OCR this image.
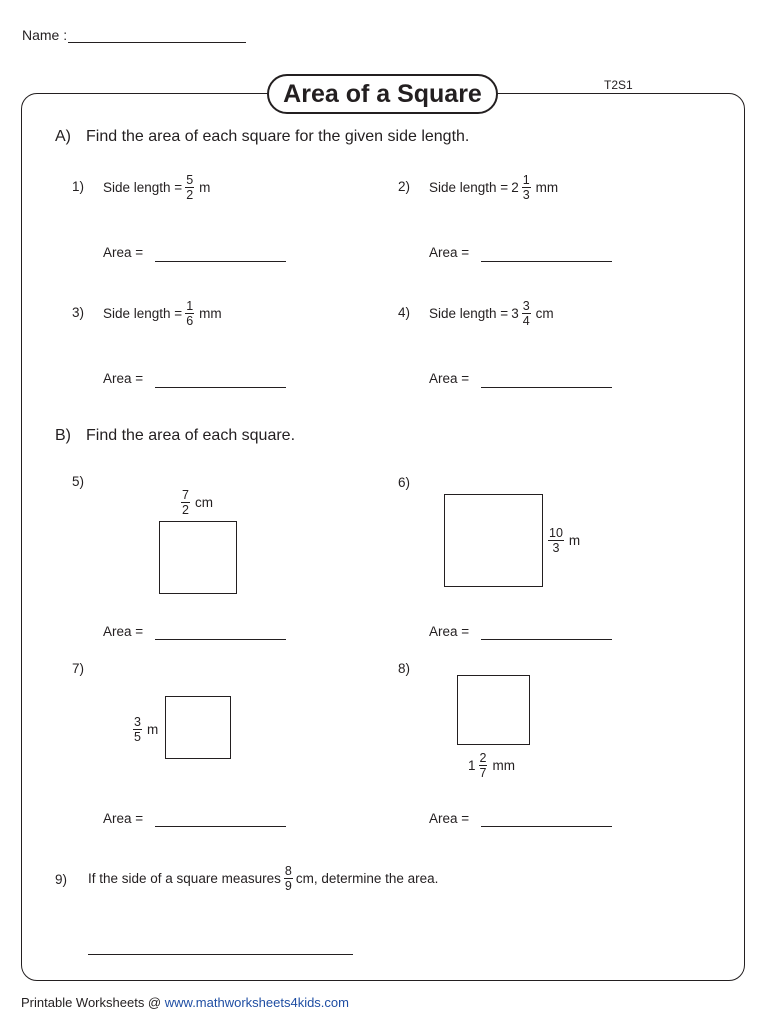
Name :
Area of a Square	T2S1
A) Find the area of each square for the given side length.
1) Side length = $\frac{5}{2}$ m
Area =
2) Side length = $2 \frac{1}{3}$ mm
Area =
3) Side length = $\frac{1}{6}$ mm
Area =
4) Side length = $3 \frac{3}{4}$ cm
Area =
B) Find the area of each square.
5)
$\frac{7}{2}$ cm
Area =
6)
$\frac{10}{3}$ m
Area =
7)
$\frac{3}{5}$ m
Area =
8)
$1 \frac{2}{7}$ mm
Area =
9) If the side of a square measures $\frac{8}{9}$ cm , determine the area.
Printable Worksheets @ www.mathworksheets4kids.com
